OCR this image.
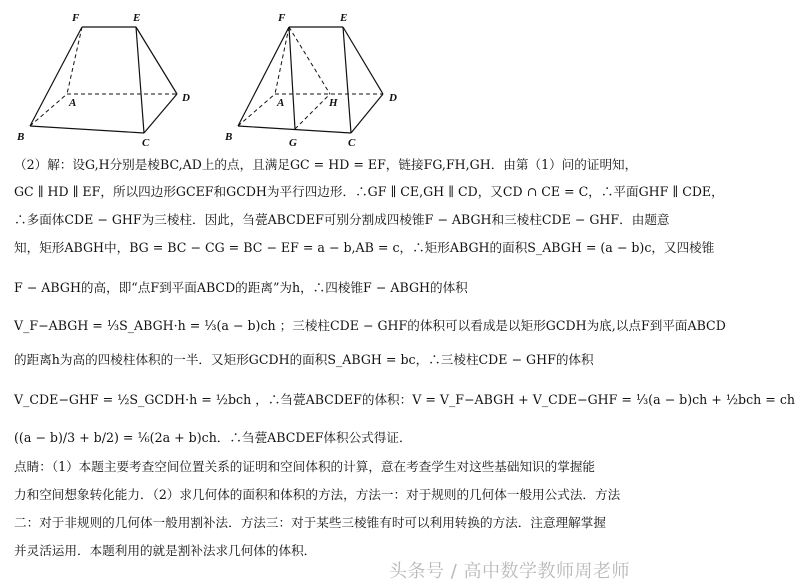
F	E
A	D
B	C
F	E
A	H	D
B	G	C
（2）解：设G,H分别是棱BC,AD上的点，且满足GC = HD = EF，链接FG,FH,GH．由第（1）问的证明知，
GC ∥ HD ∥ EF，所以四边形GCEF和GCDH为平行四边形．∴GF ∥ CE,GH ∥ CD，又CD ∩ CE = C，∴平面GHF ∥ CDE，
∴多面体CDE − GHF为三棱柱．因此，刍甍ABCDEF可别分割成四棱锥F − ABGH和三棱柱CDE − GHF．由题意
知，矩形ABGH中，BG = BC − CG = BC − EF = a − b,AB = c，∴矩形ABGH的面积S_ABGH = (a − b)c，又四棱锥
F − ABGH的高，即“点F到平面ABCD的距离”为h，∴四棱锥F − ABGH的体积
V_F−ABGH = ⅓S_ABGH·h = ⅓(a − b)ch ；三棱柱CDE − GHF的体积可以看成是以矩形GCDH为底,以点F到平面ABCD
的距离h为高的四棱柱体积的一半．又矩形GCDH的面积S_ABGH = bc，∴三棱柱CDE − GHF的体积
V_CDE−GHF = ½S_GCDH·h = ½bch ，∴刍甍ABCDEF的体积：V = V_F−ABGH + V_CDE−GHF = ⅓(a − b)ch + ½bch = ch
((a − b)/3 + b/2) = ⅙(2a + b)ch．∴刍甍ABCDEF体积公式得证．
点睛：（1）本题主要考查空间位置关系的证明和空间体积的计算，意在考查学生对这些基础知识的掌握能
力和空间想象转化能力．（2）求几何体的面积和体积的方法，方法一：对于规则的几何体一般用公式法．方法
二：对于非规则的几何体一般用割补法．方法三：对于某些三棱锥有时可以利用转换的方法．注意理解掌握
并灵活运用．本题利用的就是割补法求几何体的体积．
头条号 / 高中数学教师周老师
